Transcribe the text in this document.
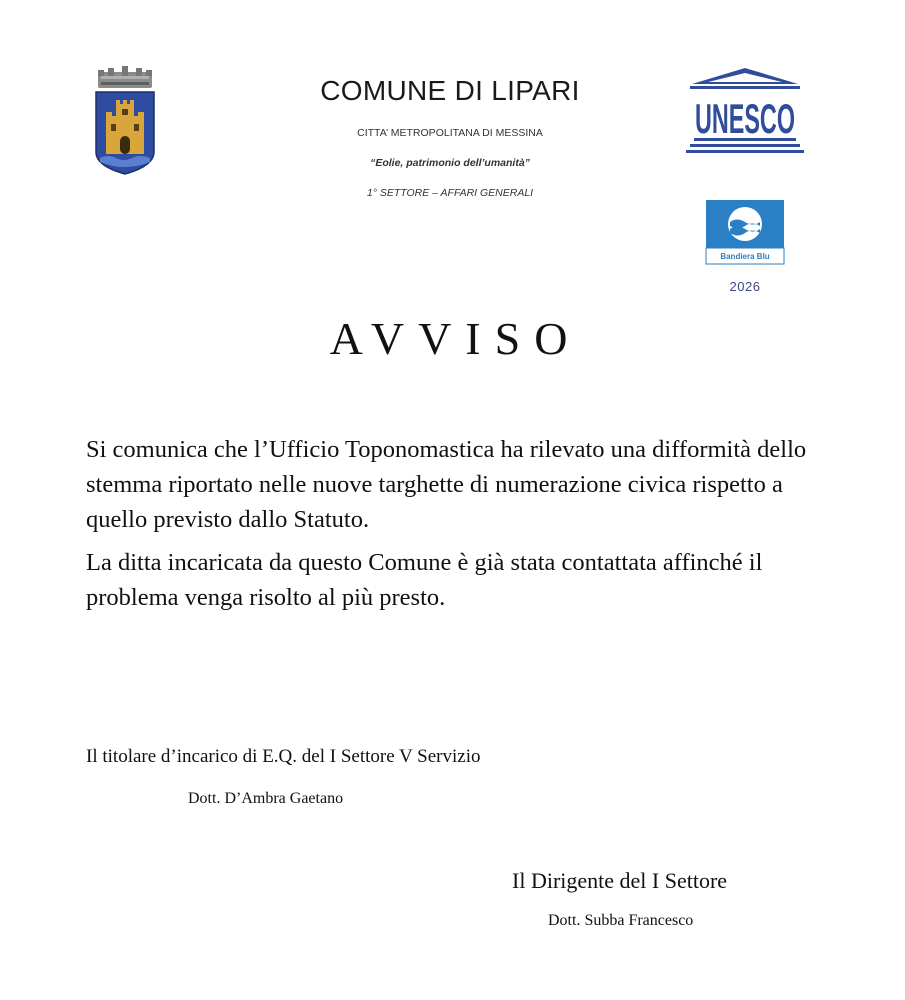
COMUNE DI LIPARI
CITTA’ METROPOLITANA DI MESSINA
“Eolie, patrimonio dell’umanità”
1° SETTORE – AFFARI GENERALI
UNESCO
Bandiera Blu
2026
AVVISO

Si comunica che l’Ufficio Toponomastica ha rilevato una difformità dello stemma riportato nelle nuove targhette di numerazione civica rispetto a quello previsto dallo Statuto.

La ditta incaricata da questo Comune è già stata contattata affinché il problema venga risolto al più presto.

Il titolare d’incarico di E.Q. del I Settore V Servizio
Dott. D’Ambra Gaetano
Il Dirigente del I Settore
Dott. Subba Francesco
